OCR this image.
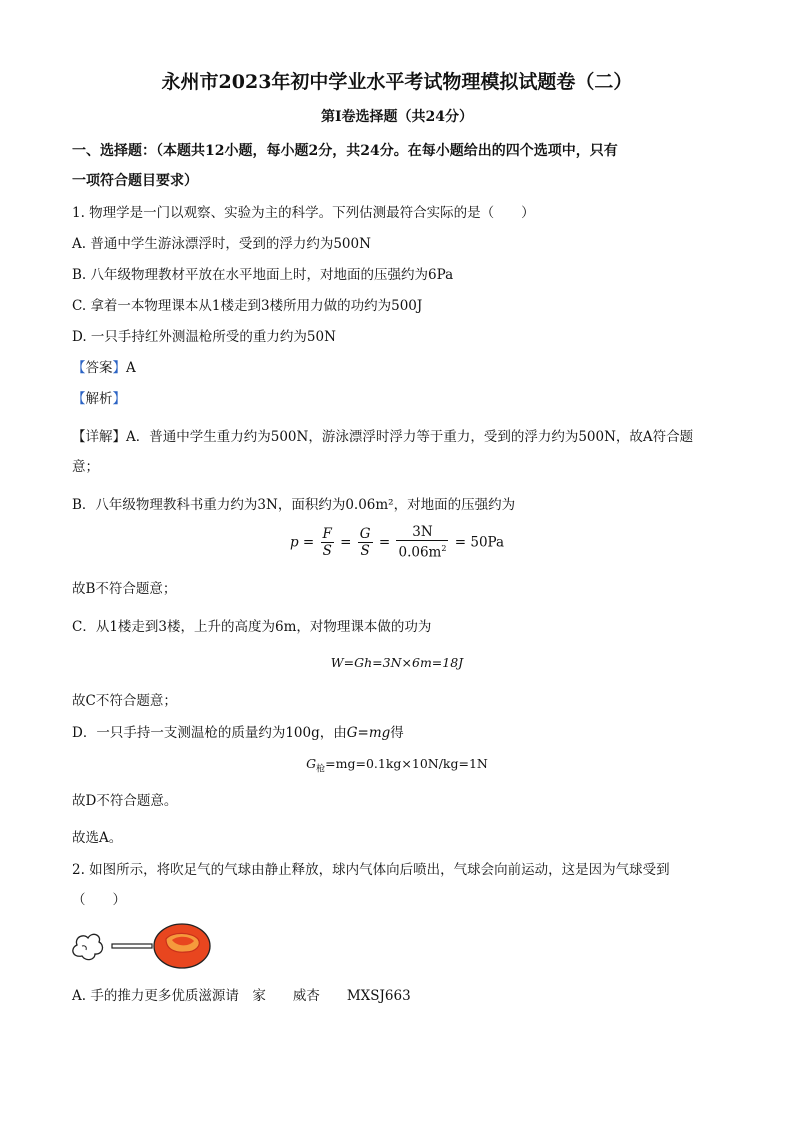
永州市2023年初中学业水平考试物理模拟试题卷（二）
第Ⅰ卷选择题（共24分）
一、选择题：（本题共12小题，每小题2分，共24分。在每小题给出的四个选项中，只有
一项符合题目要求）
1. 物理学是一门以观察、实验为主的科学。下列估测最符合实际的是（　　）
A. 普通中学生游泳漂浮时，受到的浮力约为500N
B. 八年级物理教材平放在水平地面上时，对地面的压强约为6Pa
C. 拿着一本物理课本从1楼走到3楼所用力做的功约为500J
D. 一只手持红外测温枪所受的重力约为50N
【答案】A
【解析】
【详解】A．普通中学生重力约为500N，游泳漂浮时浮力等于重力，受到的浮力约为500N，故A符合题
意；
B．八年级物理教科书重力约为3N，面积约为0.06m²，对地面的压强约为
$p = \frac{F}{S} = \frac{G}{S} = \frac{3N}{0.06m^2} = 50Pa$
故B不符合题意；
C．从1楼走到3楼，上升的高度为6m，对物理课本做的功为
W=Gh=3N×6m=18J
故C不符合题意；
D．一只手持一支测温枪的质量约为100g，由G=mg得
$G_枪=mg=0.1kg\times 10N/kg=1N$
故D不符合题意。
故选A。
2. 如图所示，将吹足气的气球由静止释放，球内气体向后喷出，气球会向前运动，这是因为气球受到
（　　）
A. 手的推力更多优质滋源请　家　　威杏　　MXSJ663
